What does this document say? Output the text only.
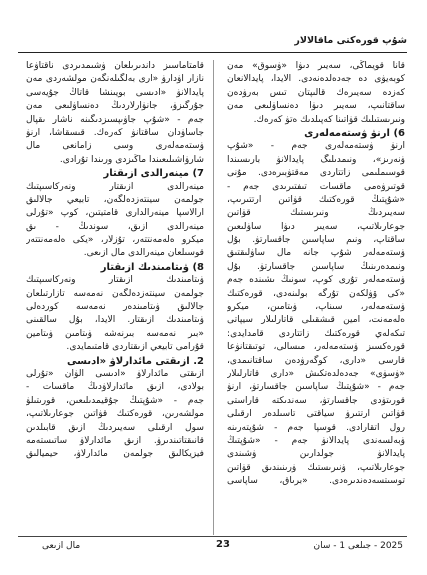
شۇپ قورەكتى ماقالالار
قانا قويماڭى، سەيىر دىۋا «ۋسوق» مەن
كوبەيۋى دە جەدەلدەنەدى. الايدا، پايدالانعان
كەزدە سەيىرەك قالىپتان تىس بەرۋدەن
ساقتانىپ، سەيىر دىۋا دەنساۋلىعى مەن
ونىرىستىلىك قۋاتىنا كەپىلدىك ەتۋ كەرەك.
6) ارنۋ ۋستەمەلەرى
ارنۋ ۋستەمەلەرى جەم - «شۇپ
ۋنەرىز»، ونىمدىلىگ پايدالانۋ بارىسىندا
قوسىملىمى زاتتاردى مەقتۋبىرەدى. مۇنى
قوتىرۋەمى ماقسات تىفتىرىدى جەم -
«شۇپتىڭ قورەكتىك قۋاتىن ارتتىرىپ،
سەيىردىڭ ونىرىستىك قۋاتىن
جوعارىلاتىپ، سەيىر دىۋا ساۋلىعىن
ساقتاپ، ونىم ساپاسىن جاقسارتۋ. بۇل
ۋستەمەلەر شۇپ جانە مال ساۋلىقتىق
ونىمدەرىنىڭ ساپاسىن جاقسارتۋ. بۇل
ۋستەمەلەر تۇرى كوپ، سونىڭ ىشىندە جەم
«كى ۆۋلكەن تۇرگە بولىنەدى، قورەكتىك
ۋستەمەلەر، سىناپ، ۋىتامىن، ميكرو
ەلەمەنت، امين قىشقىلى قاتارلىلار سيپاتى
تىكەلەي قورەكتىك زاتتاردى قامدايدى:
قورەكسىز ۋستەمەلەر، مىسالى، توتىقتانۋعا
قارسى «دارى، كوگەرۋدەن ساقتانىمدى،
«ۋسۋى» جەدەلدەتكىش «دارى قاتارلىلار
جەم - «شۇپتىڭ ساپاسىن جاقسارتۋ، ارنۋ
قورىتۋدى جاقسارتۋ، سەندىكتە قاراستى
قۋاتىن ارتتىرۋ سياقتى تاسىلدەر ارقىلى
رول اتقارادى. قوسپا جەم - شۇپتەرىنە
ۋبەلسەندى پايدالانۋ جەم - «شۇپتىڭ
پايدالانۋ جولدارىن ۋشىندى
جوعارىلاتىپ، ۋنىرىستىك ۋرىنىندىق قۋاتىن
توسىتسەدەندىرەدى. «برىاق، ساپاسى
قامتاماسىز داندىرىلعان ۋشىمدىردى ناقتاۋعا
نازار اۋدارۋ «ارى بەلگىلەنگەن مولشەردى مەن
پايدالانۋ «ادىسى بويىنشا قاتاڭ جۇيەسى
جۇرگىزۋ، جانۋارلاردىڭ دەنساۋلىعى مەن
جەم - «شۇپ جاۋىپسىزدىگىنە ناشار ىقپال
جاساۋدان ساقتانۋ كەرەك. قىسقاشا، ارنۋ
ۋستەمەلەرى وسى زامانعى مال
شارۋاشىلىعىندا ماڭىزدى ورىندا تۇرادى.
7) مينەرالدى ازىقتار
مينەرالدى ازىقتار ونەركاسىپتىك
جولمەن سينتەزدەلگەن، تابيعي جالالىق
ارالاسپا مينەرالدارى قامتيتىن، كوپ «تۇرلى
مينەرالدى ازىق، سوندىڭ - ىق
ميكرو ەلەمەنتتەر، تۇزلار، «يكى ەلەمەنتتەر
قوسىلعان مينەرالدى مال ازىعى.
8) ۋىتامىندىك ازىقتار
ۋىتامىندىك ازىقتار ونەركاسىپتىك
جولمەن سينتەزدەلگەن نەمەسە تازارتىلعان
جالالىق ۋىتامىندەر نەمەسە كوردەلى
ۋىتامىندىك ازىقتار. الايدا، بۇل سالقىنى
«بىر نەمەسە بىرنەشە ۋىتامىن ۋىتامين
قۇرامى تابيعي ازىقتاردى قامتىمايدى.
2. ازىقتى مائدارلاۋ «ادىسى
ازىقتى مائدارلاۋ «ادىسى الۋان «تۇرلى
بولادى، ازىق مائدارلاۋدىڭ ماقسات -
جەم - «شۇپتىڭ جۇقيمدىلىعىن، قورىتىلۋ
مولشەرىن، قورەكتىك قۋاتىن جوعارىلاتىپ،
سول ارقىلى سەيىردىڭ ازىق قابىلدىن
قانىقتاتىندىرۋ. ازىق مائدارلاۋ ساتىستەمە
فيزيكالىق جولمەن مائدارلاۋ، حيميالىق
مال ازىعى	23	2025 - جىلعى 1 - سان
